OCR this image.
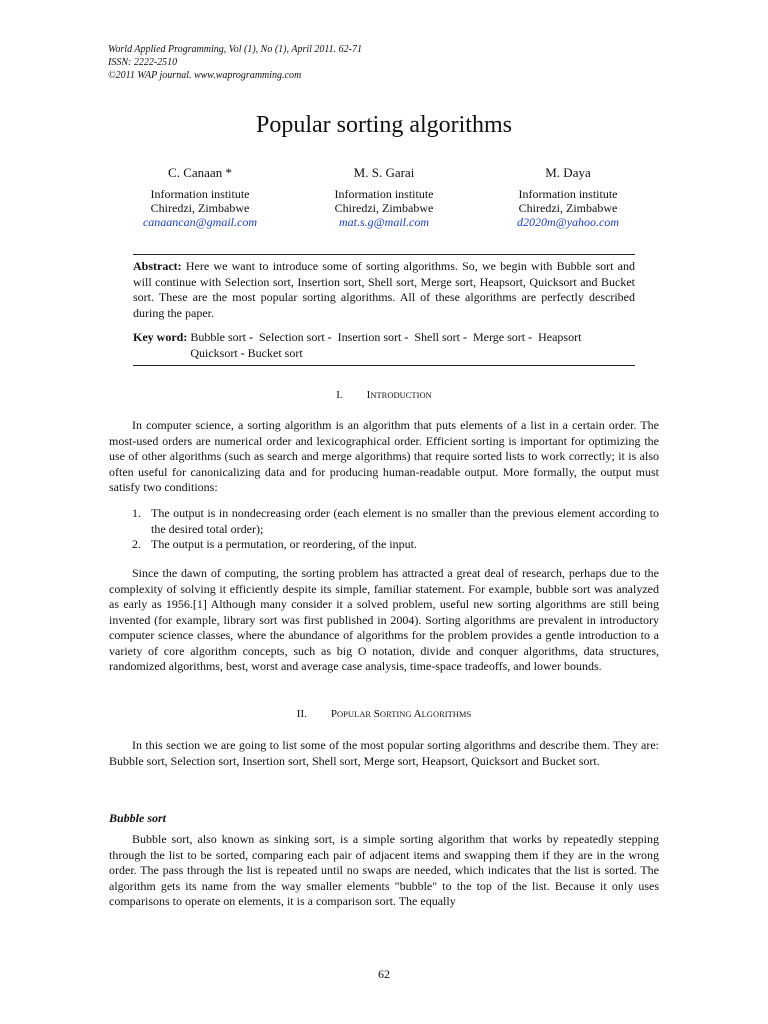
World Applied Programming, Vol (1), No (1), April 2011. 62-71
ISSN: 2222-2510
©2011 WAP journal. www.waprogramming.com
Popular sorting algorithms
C. Canaan *
Information institute
Chiredzi, Zimbabwe
canaancan@gmail.com
M. S. Garai
Information institute
Chiredzi, Zimbabwe
mat.s.g@mail.com
M. Daya
Information institute
Chiredzi, Zimbabwe
d2020m@yahoo.com
Abstract: Here we want to introduce some of sorting algorithms. So, we begin with Bubble sort and will continue with Selection sort, Insertion sort, Shell sort, Merge sort, Heapsort, Quicksort and Bucket sort. These are the most popular sorting algorithms. All of these algorithms are perfectly described during the paper.
Key word:
Bubble sort - Selection sort - Insertion sort - Shell sort - Merge sort - Heapsort
Quicksort - Bucket sort
I. INTRODUCTION

In computer science, a sorting algorithm is an algorithm that puts elements of a list in a certain order. The most-used orders are numerical order and lexicographical order. Efficient sorting is important for optimizing the use of other algorithms (such as search and merge algorithms) that require sorted lists to work correctly; it is also often useful for canonicalizing data and for producing human-readable output. More formally, the output must satisfy two conditions:

1. The output is in nondecreasing order (each element is no smaller than the previous element according to the desired total order);
2. The output is a permutation, or reordering, of the input.

Since the dawn of computing, the sorting problem has attracted a great deal of research, perhaps due to the complexity of solving it efficiently despite its simple, familiar statement. For example, bubble sort was analyzed as early as 1956.[1] Although many consider it a solved problem, useful new sorting algorithms are still being invented (for example, library sort was first published in 2004). Sorting algorithms are prevalent in introductory computer science classes, where the abundance of algorithms for the problem provides a gentle introduction to a variety of core algorithm concepts, such as big O notation, divide and conquer algorithms, data structures, randomized algorithms, best, worst and average case analysis, time-space tradeoffs, and lower bounds.

II. POPULAR SORTING ALGORITHMS

In this section we are going to list some of the most popular sorting algorithms and describe them. They are: Bubble sort, Selection sort, Insertion sort, Shell sort, Merge sort, Heapsort, Quicksort and Bucket sort.

Bubble sort

Bubble sort, also known as sinking sort, is a simple sorting algorithm that works by repeatedly stepping through the list to be sorted, comparing each pair of adjacent items and swapping them if they are in the wrong order. The pass through the list is repeated until no swaps are needed, which indicates that the list is sorted. The algorithm gets its name from the way smaller elements "bubble" to the top of the list. Because it only uses comparisons to operate on elements, it is a comparison sort. The equally

62
